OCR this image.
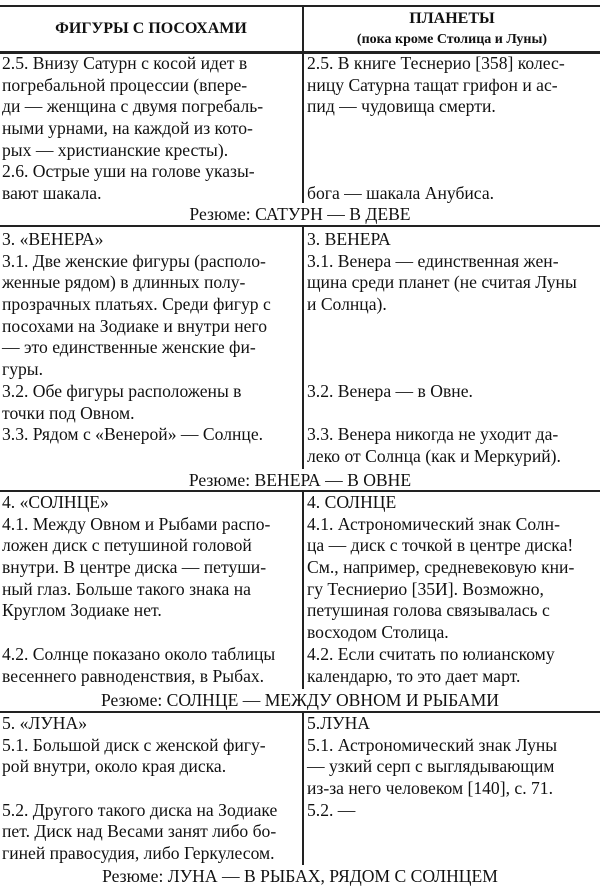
ФИГУРЫ С ПОСОХАМИ
ПЛАНЕТЫ
(пока кроме Столица и Луны)
2.5. Внизу Сатурн с косой идет в
погребальной процессии (впере-
ди — женщина с двумя погребаль-
ными урнами, на каждой из кото-
рых — христианские кресты).
2.6. Острые уши на голове указы-
вают шакала.
2.5. В книге Теснерио [358] колес-
ницу Сатурна тащат грифон и ас-
пид — чудовища смерти.
бога — шакала Анубиса.
Резюме: САТУРН — В ДЕВЕ
3. «ВЕНЕРА»
3.1. Две женские фигуры (располо-
женные рядом) в длинных полу-
прозрачных платьях. Среди фигур с
посохами на Зодиаке и внутри него
— это единственные женские фи-
гуры.
3.2. Обе фигуры расположены в
точки под Овном.
3.3. Рядом с «Венерой» — Солнце.
3. ВЕНЕРА
3.1. Венера — единственная жен-
щина среди планет (не считая Луны
и Солнца).
3.2. Венера — в Овне.
3.3. Венера никогда не уходит да-
леко от Солнца (как и Меркурий).
Резюме: ВЕНЕРА — В ОВНЕ
4. «СОЛНЦЕ»
4.1. Между Овном и Рыбами распо-
ложен диск с петушиной головой
внутри. В центре диска — петуши-
ный глаз. Больше такого знака на
Круглом Зодиаке нет.
4.2. Солнце показано около таблицы
весеннего равноденствия, в Рыбах.
4. СОЛНЦЕ
4.1. Астрономический знак Солн-
ца — диск с точкой в центре диска!
См., например, средневековую кни-
гу Тесниерио [35И]. Возможно,
петушиная голова связывалась с
восходом Столица.
4.2. Если считать по юлианскому
календарю, то это дает март.
Резюме: СОЛНЦЕ — МЕЖДУ ОВНОМ И РЫБАМИ
5. «ЛУНА»
5.1. Большой диск с женской фигу-
рой внутри, около края диска.
5.2. Другого такого диска на Зодиаке
пет. Диск над Весами занят либо бо-
гиней правосудия, либо Геркулесом.
5.ЛУНА
5.1. Астрономический знак Луны
— узкий серп с выглядывающим
из-за него человеком [140], с. 71.
5.2. —
Резюме: ЛУНА — В РЫБАХ, РЯДОМ С СОЛНЦЕМ
